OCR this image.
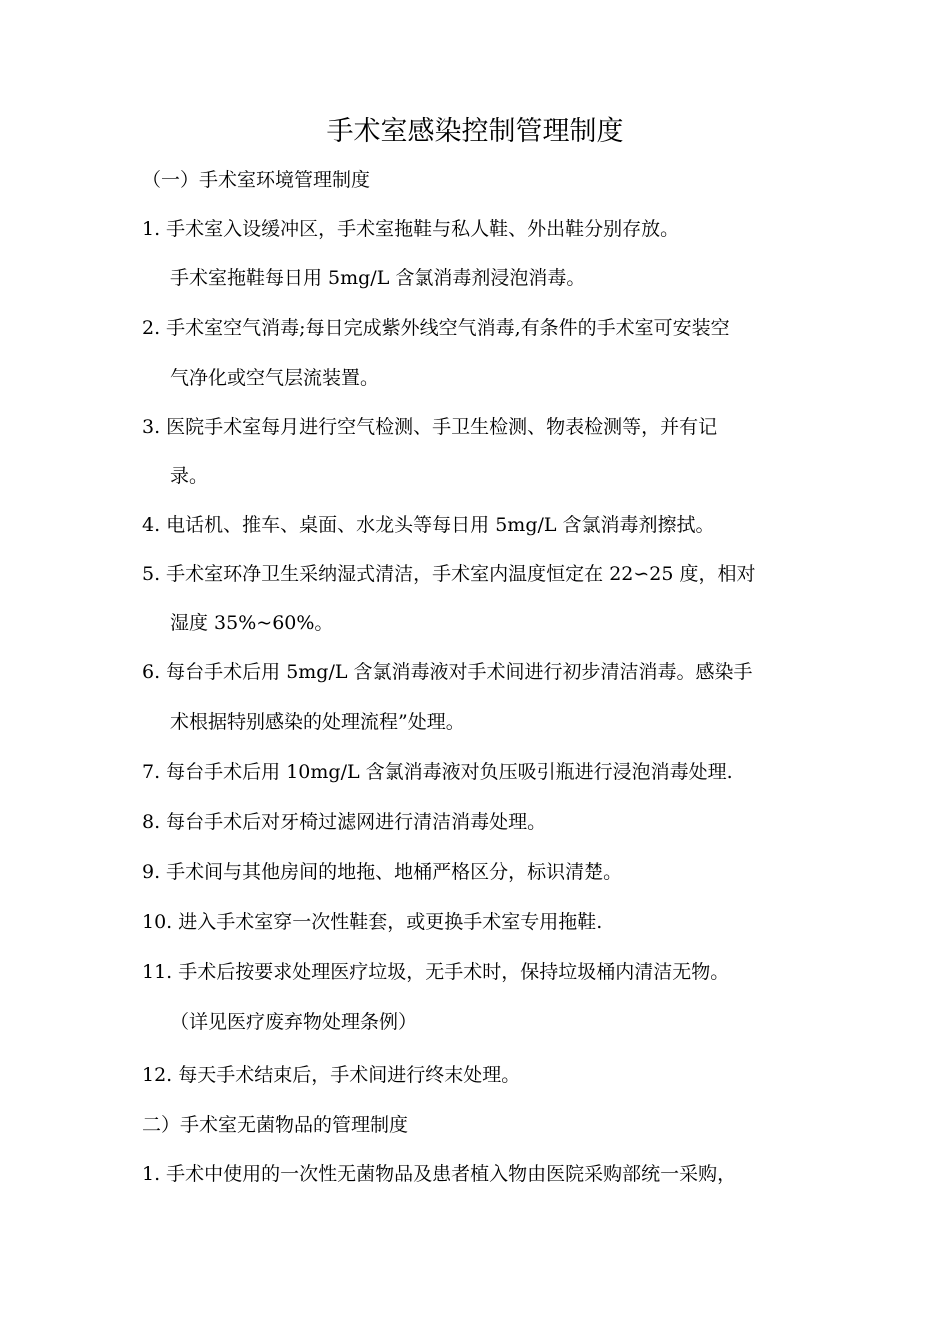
手术室感染控制管理制度
（一）手术室环境管理制度
1. 手术室入设缓冲区，手术室拖鞋与私人鞋、外出鞋分别存放。
手术室拖鞋每日用 5mg/L 含氯消毒剂浸泡消毒。
2. 手术室空气消毒;每日完成紫外线空气消毒,有条件的手术室可安装空
气净化或空气层流装置。
3. 医院手术室每月进行空气检测、手卫生检测、物表检测等，并有记
录。
4. 电话机、推车、桌面、水龙头等每日用 5mg/L 含氯消毒剂擦拭。
5. 手术室环净卫生采纳湿式清洁，手术室内温度恒定在 22∽25 度，相对
湿度 35%~60%。
6. 每台手术后用 5mg/L 含氯消毒液对手术间进行初步清洁消毒。感染手
术根据特别感染的处理流程”处理。
7. 每台手术后用 10mg/L 含氯消毒液对负压吸引瓶进行浸泡消毒处理.
8. 每台手术后对牙椅过滤网进行清洁消毒处理。
9. 手术间与其他房间的地拖、地桶严格区分，标识清楚。
10. 进入手术室穿一次性鞋套，或更换手术室专用拖鞋.
11. 手术后按要求处理医疗垃圾，无手术时，保持垃圾桶内清洁无物。
（详见医疗废弃物处理条例）
12. 每天手术结束后，手术间进行终末处理。
二）手术室无菌物品的管理制度
1. 手术中使用的一次性无菌物品及患者植入物由医院采购部统一采购，
